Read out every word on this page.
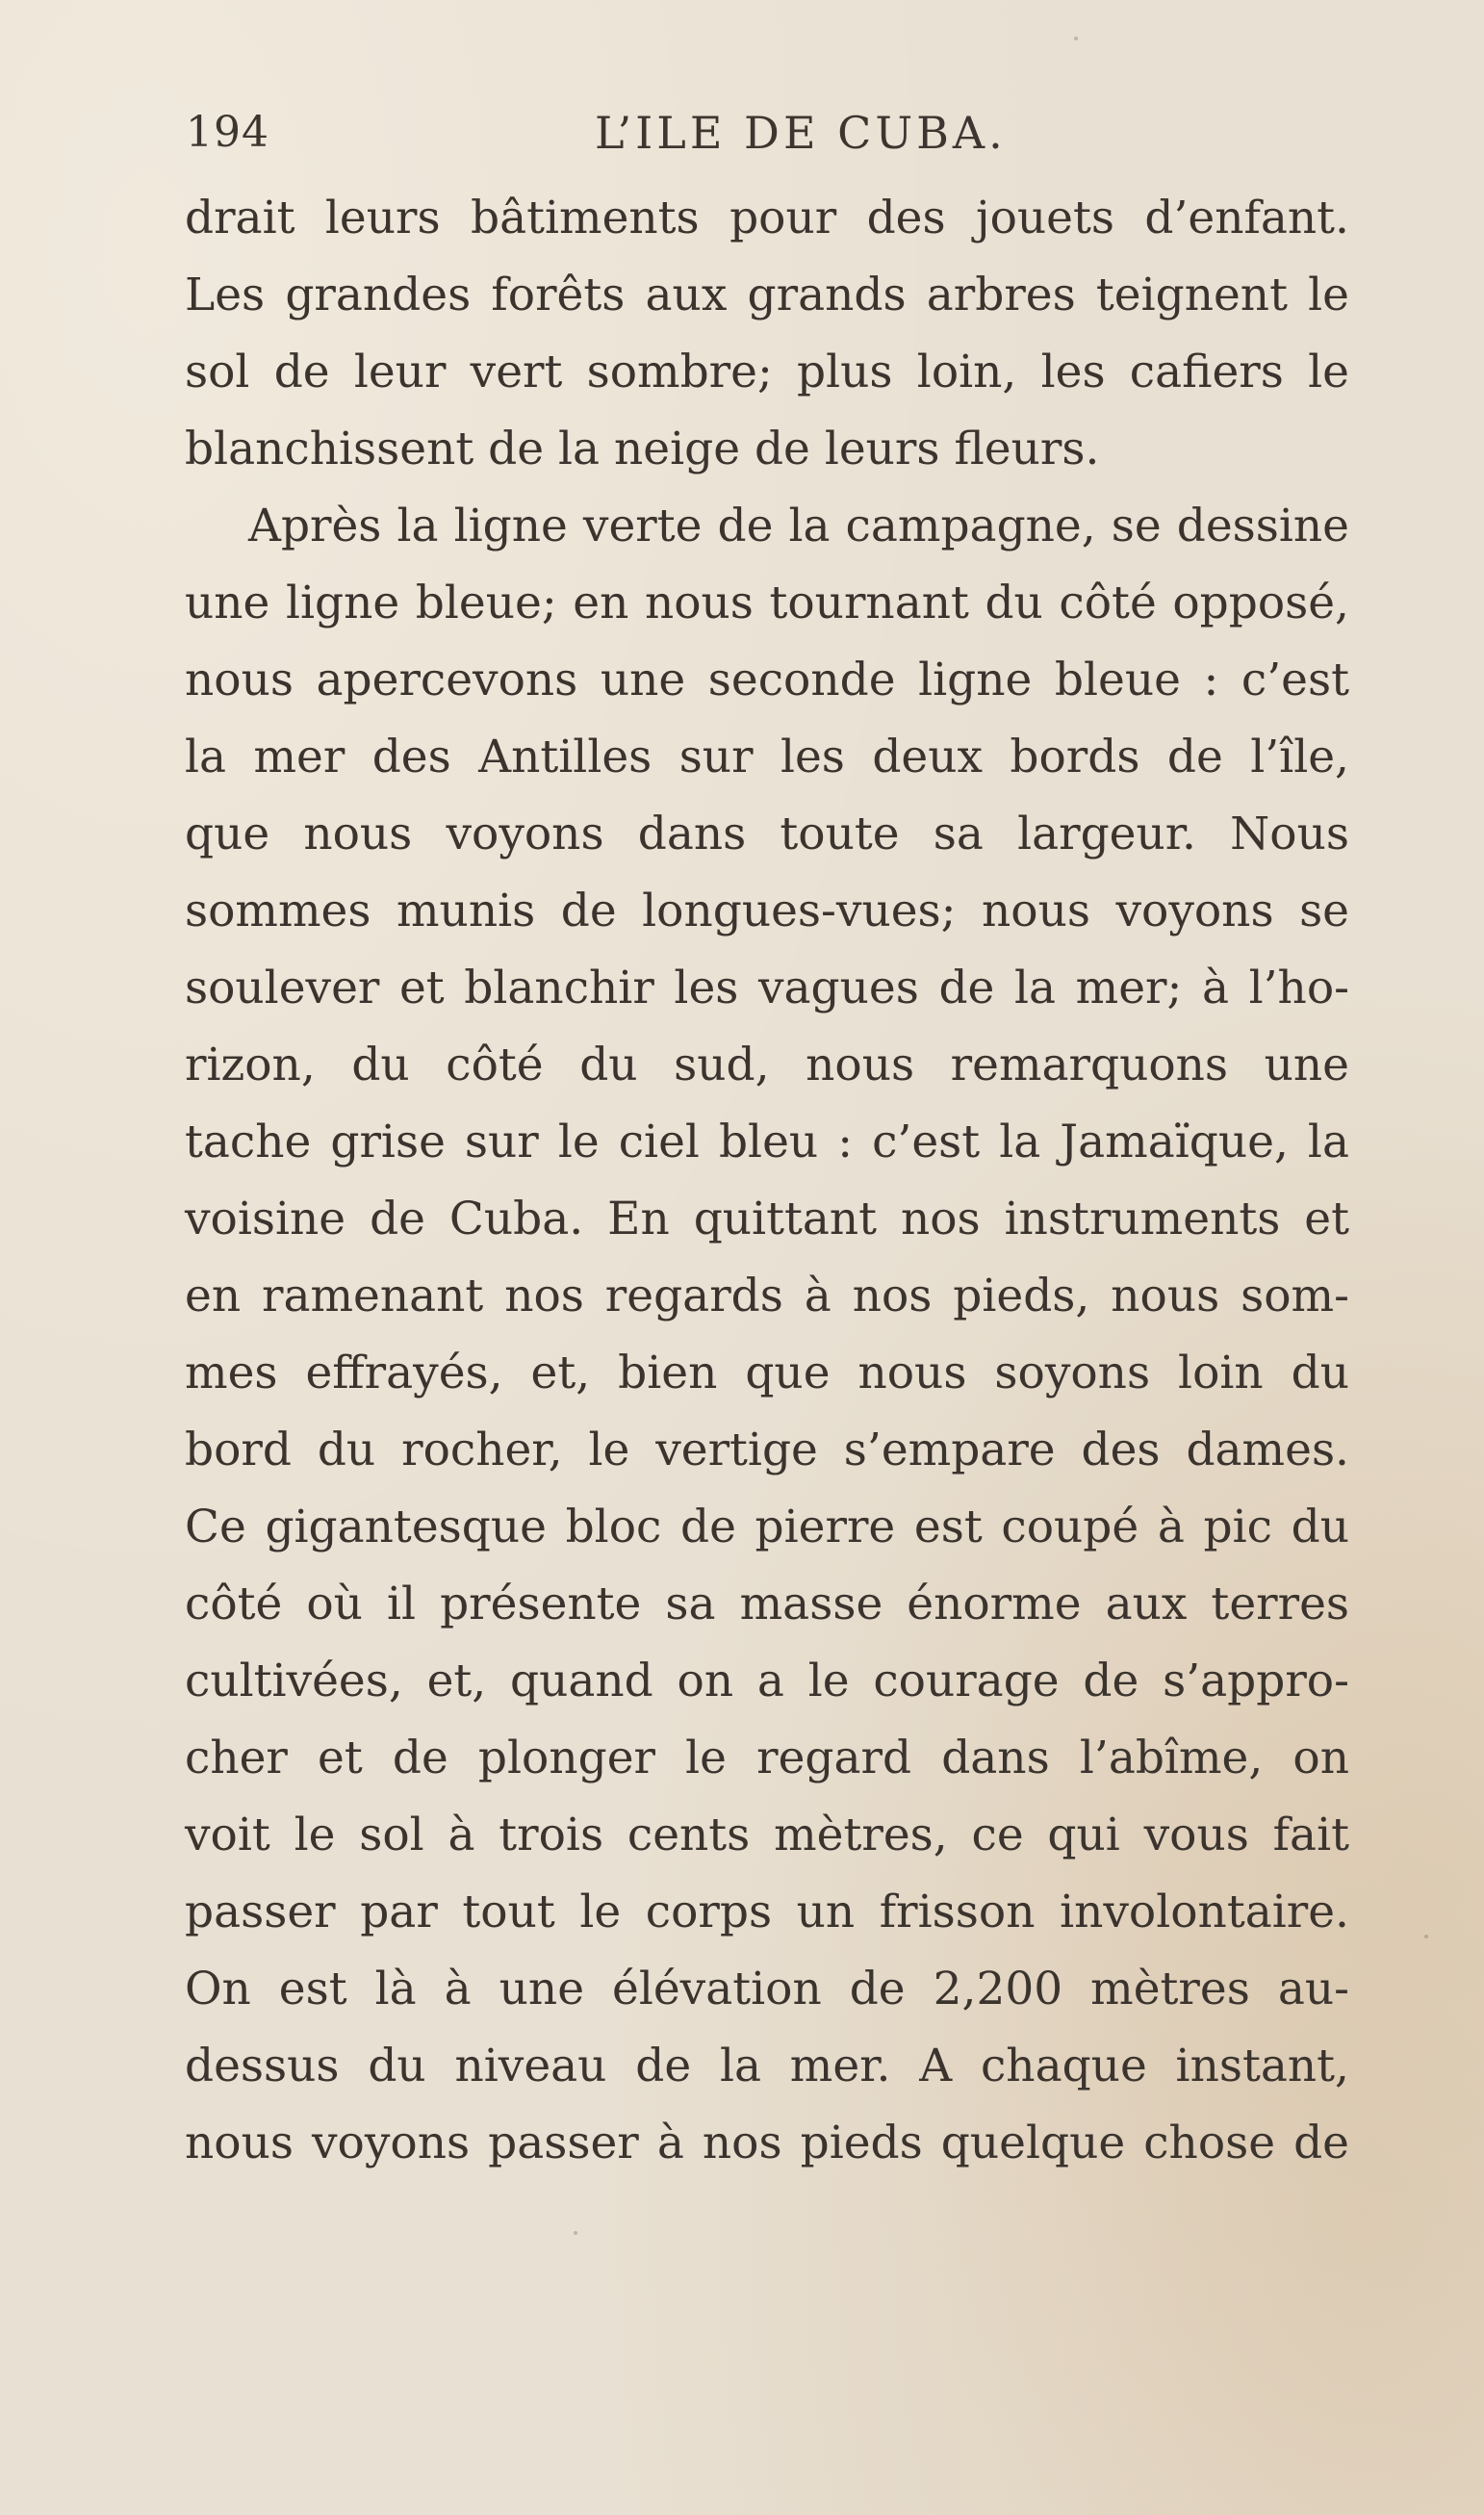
194	L’ILE DE CUBA.
drait leurs bâtiments pour des jouets d’enfant.
Les grandes forêts aux grands arbres teignent le
sol de leur vert sombre; plus loin, les cafiers le
blanchissent de la neige de leurs fleurs.
Après la ligne verte de la campagne, se dessine
une ligne bleue; en nous tournant du côté opposé,
nous apercevons une seconde ligne bleue : c’est
la mer des Antilles sur les deux bords de l’île,
que nous voyons dans toute sa largeur. Nous
sommes munis de longues-vues; nous voyons se
soulever et blanchir les vagues de la mer; à l’ho-
rizon, du côté du sud, nous remarquons une
tache grise sur le ciel bleu : c’est la Jamaïque, la
voisine de Cuba. En quittant nos instruments et
en ramenant nos regards à nos pieds, nous som-
mes effrayés, et, bien que nous soyons loin du
bord du rocher, le vertige s’empare des dames.
Ce gigantesque bloc de pierre est coupé à pic du
côté où il présente sa masse énorme aux terres
cultivées, et, quand on a le courage de s’appro-
cher et de plonger le regard dans l’abîme, on
voit le sol à trois cents mètres, ce qui vous fait
passer par tout le corps un frisson involontaire.
On est là à une élévation de 2,200 mètres au-
dessus du niveau de la mer. A chaque instant,
nous voyons passer à nos pieds quelque chose de
